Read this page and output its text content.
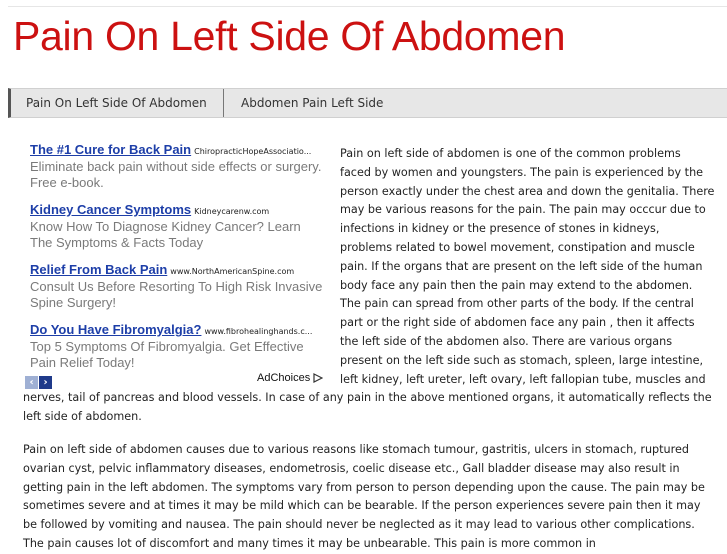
Pain On Left Side Of Abdomen
Pain On Left Side Of Abdomen	Abdomen Pain Left Side
The #1 Cure for Back Pain ChiropracticHopeAssociatio...
Eliminate back pain without side effects or surgery. Free e-book.
Kidney Cancer Symptoms Kidneycarenw.com
Know How To Diagnose Kidney Cancer? Learn The Symptoms & Facts Today
Relief From Back Pain www.NorthAmericanSpine.com
Consult Us Before Resorting To High Risk Invasive Spine Surgery!
Do You Have Fibromyalgia? www.fibrohealinghands.c...
Top 5 Symptoms Of Fibromyalgia. Get Effective Pain Relief Today!
‹ ›	AdChoices
Pain on left side of abdomen is one of the common problems faced by women and youngsters. The pain is experienced by the person exactly under the chest area and down the genitalia. There may be various reasons for the pain. The pain may occcur due to infections in kidney or the presence of stones in kidneys, problems related to bowel movement, constipation and muscle pain. If the organs that are present on the left side of the human body face any pain then the pain may extend to the abdomen. The pain can spread from other parts of the body. If the central part or the right side of abdomen face any pain , then it affects the left side of the abdomen also. There are various organs present on the left side such as stomach, spleen, large intestine, left kidney, left ureter, left ovary, left fallopian tube, muscles and
nerves, tail of pancreas and blood vessels. In case of any pain in the above mentioned organs, it automatically reflects the left side of abdomen.
Pain on left side of abdomen causes due to various reasons like stomach tumour, gastritis, ulcers in stomach, ruptured ovarian cyst, pelvic inflammatory diseases, endometrosis, coelic disease etc., Gall bladder disease may also result in getting pain in the left abdomen. The symptoms vary from person to person depending upon the cause. The pain may be sometimes severe and at times it may be mild which can be bearable. If the person experiences severe pain then it may be followed by vomiting and nausea. The pain should never be neglected as it may lead to various other complications. The pain causes lot of discomfort and many times it may be unbearable. This pain is more common in
